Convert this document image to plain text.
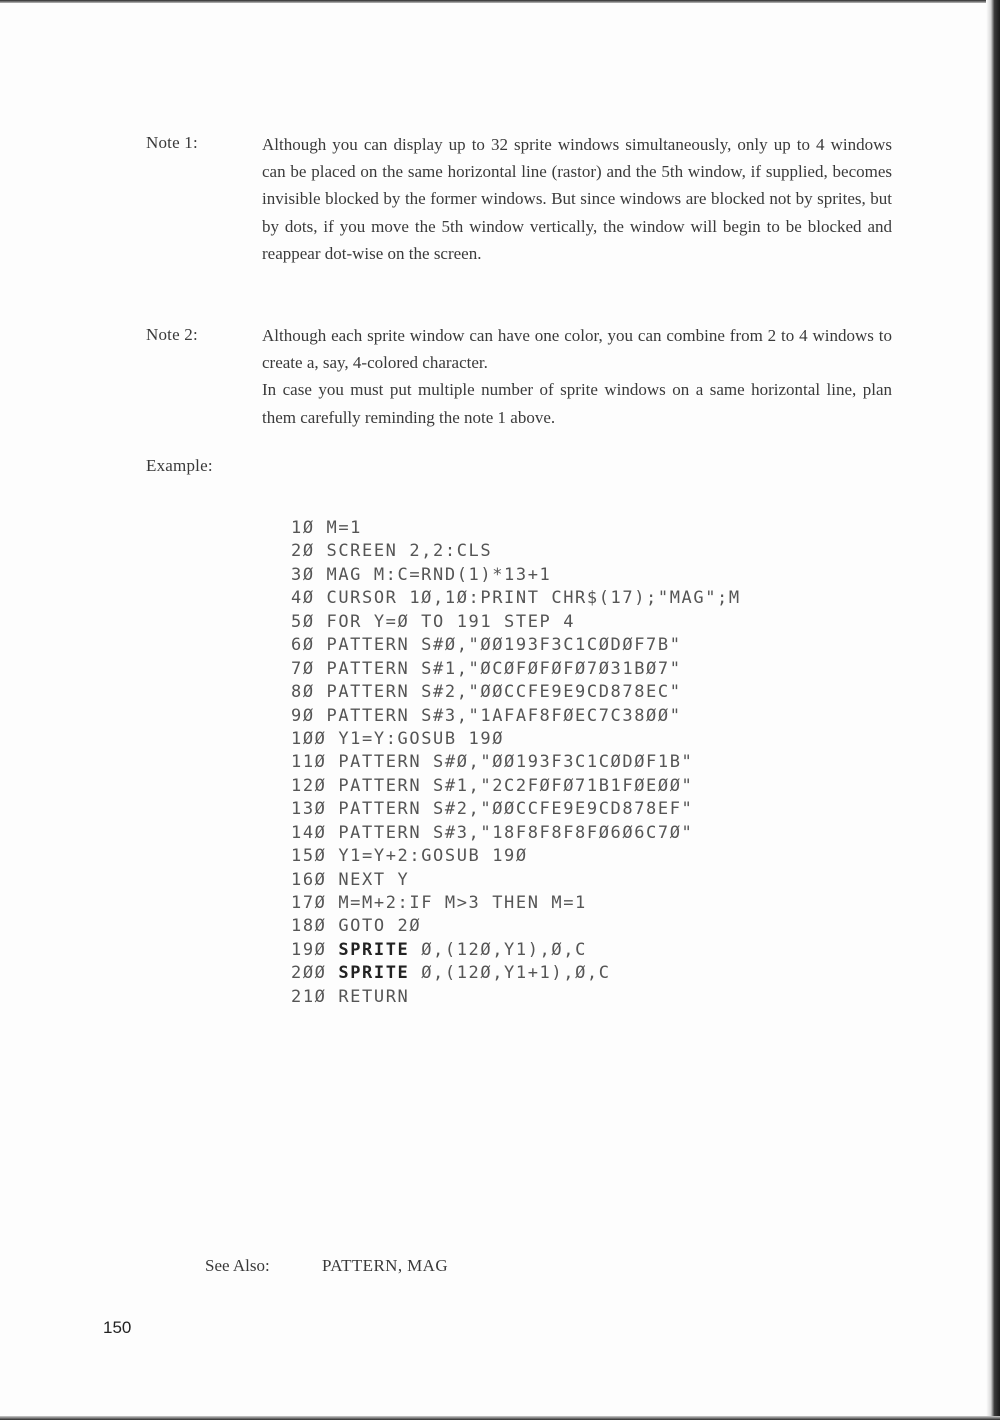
Note 1:	Although you can display up to 32 sprite windows simultaneously, only up to 4 windows can be placed on the same horizontal line (rastor) and the 5th window, if supplied, becomes invisible blocked by the former windows. But since windows are blocked not by sprites, but by dots, if you move the 5th window vertically, the window will begin to be blocked and reappear dot-wise on the screen.

Note 2:	Although each sprite window can have one color, you can combine from 2 to 4 windows to create a, say, 4-colored character.

In case you must put multiple number of sprite windows on a same horizontal line, plan them carefully reminding the note 1 above.

Example:
1Ø M=1
2Ø SCREEN 2,2:CLS
3Ø MAG M:C=RND(1)*13+1
4Ø CURSOR 1Ø,1Ø:PRINT CHR$(17);"MAG";M
5Ø FOR Y=Ø TO 191 STEP 4
6Ø PATTERN S#Ø,"ØØ193F3C1CØDØF7B"
7Ø PATTERN S#1,"ØCØFØFØFØ7Ø31BØ7"
8Ø PATTERN S#2,"ØØCCFE9E9CD878EC"
9Ø PATTERN S#3,"1AFAF8FØEC7C38ØØ"
1ØØ Y1=Y:GOSUB 19Ø
11Ø PATTERN S#Ø,"ØØ193F3C1CØDØF1B"
12Ø PATTERN S#1,"2C2FØFØ71B1FØEØØ"
13Ø PATTERN S#2,"ØØCCFE9E9CD878EF"
14Ø PATTERN S#3,"18F8F8F8FØ6Ø6C7Ø"
15Ø Y1=Y+2:GOSUB 19Ø
16Ø NEXT Y
17Ø M=M+2:IF M>3 THEN M=1
18Ø GOTO 2Ø
19Ø SPRITE Ø,(12Ø,Y1),Ø,C
2ØØ SPRITE Ø,(12Ø,Y1+1),Ø,C
21Ø RETURN
See Also:	PATTERN, MAG
150
